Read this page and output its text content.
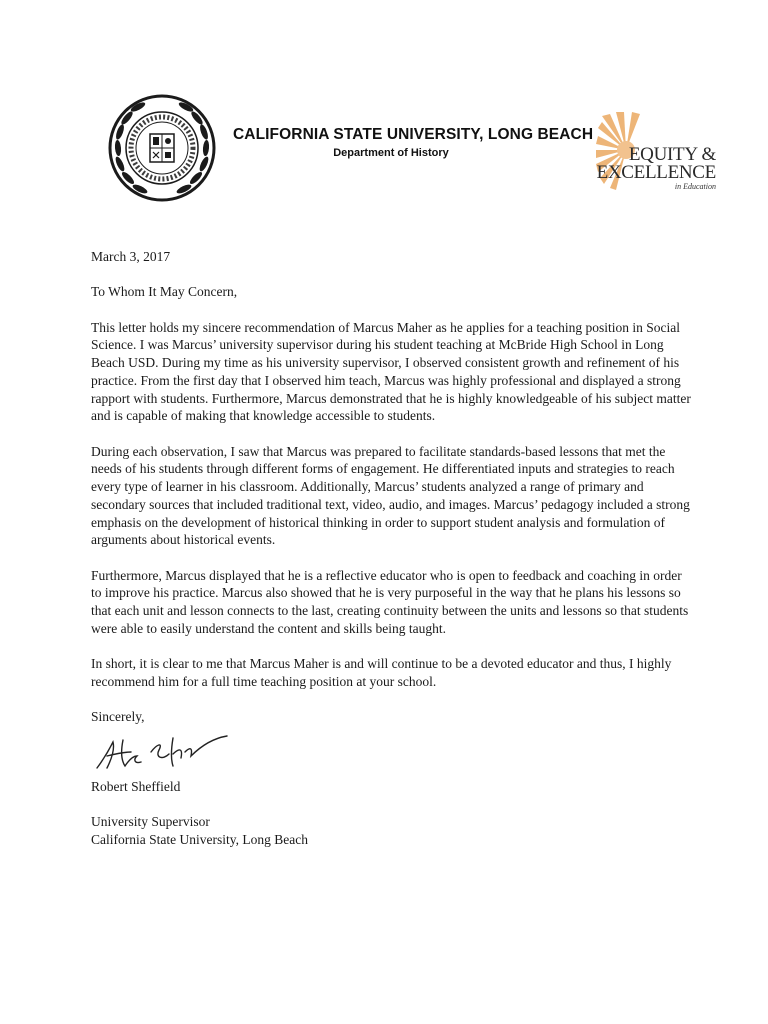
CALIFORNIA STATE UNIVERSITY, LONG BEACH
Department of History	EQUITY &
EXCELLENCE
in Education

March 3, 2017

To Whom It May Concern,

This letter holds my sincere recommendation of Marcus Maher as he applies for a teaching position in Social Science. I was Marcus’ university supervisor during his student teaching at McBride High School in Long Beach USD. During my time as his university supervisor, I observed consistent growth and refinement of his practice. From the first day that I observed him teach, Marcus was highly professional and displayed a strong rapport with students. Furthermore, Marcus demonstrated that he is highly knowledgeable of his subject matter and is capable of making that knowledge accessible to students.

During each observation, I saw that Marcus was prepared to facilitate standards-based lessons that met the needs of his students through different forms of engagement. He differentiated inputs and strategies to reach every type of learner in his classroom. Additionally, Marcus’ students analyzed a range of primary and secondary sources that included traditional text, video, audio, and images. Marcus’ pedagogy included a strong emphasis on the development of historical thinking in order to support student analysis and formulation of arguments about historical events.

Furthermore, Marcus displayed that he is a reflective educator who is open to feedback and coaching in order to improve his practice. Marcus also showed that he is very purposeful in the way that he plans his lessons so that each unit and lesson connects to the last, creating continuity between the units and lessons so that students were able to easily understand the content and skills being taught.

In short, it is clear to me that Marcus Maher is and will continue to be a devoted educator and thus, I highly recommend him for a full time teaching position at your school.

Sincerely,

Robert Sheffield

University Supervisor

California State University, Long Beach
